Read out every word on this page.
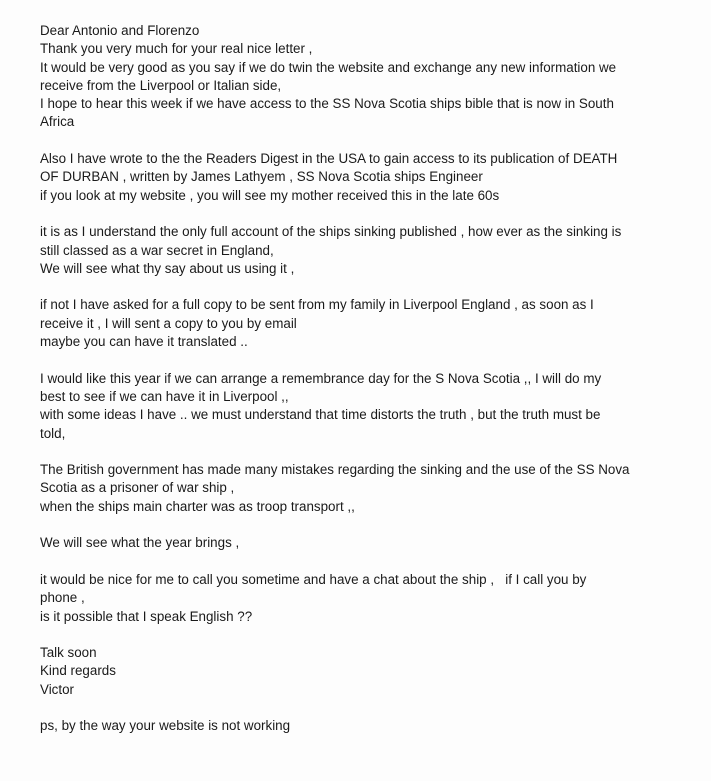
Dear Antonio and Florenzo
Thank you very much for your real nice letter ,
It would be very good as you say if we do twin the website and exchange any new information we
receive from the Liverpool or Italian side,
I hope to hear this week if we have access to the SS Nova Scotia ships bible that is now in South
Africa
Also I have wrote to the the Readers Digest in the USA to gain access to its publication of DEATH
OF DURBAN , written by James Lathyem , SS Nova Scotia ships Engineer
if you look at my website , you will see my mother received this in the late 60s
it is as I understand the only full account of the ships sinking published , how ever as the sinking is
still classed as a war secret in England,
We will see what thy say about us using it ,
if not I have asked for a full copy to be sent from my family in Liverpool England , as soon as I
receive it , I will sent a copy to you by email
maybe you can have it translated ..
I would like this year if we can arrange a remembrance day for the S Nova Scotia ,, I will do my
best to see if we can have it in Liverpool ,,
with some ideas I have .. we must understand that time distorts the truth , but the truth must be
told,
The British government has made many mistakes regarding the sinking and the use of the SS Nova
Scotia as a prisoner of war ship ,
when the ships main charter was as troop transport ,,
We will see what the year brings ,
it would be nice for me to call you sometime and have a chat about the ship ,   if I call you by
phone ,
is it possible that I speak English ??
Talk soon
Kind regards
Victor
ps, by the way your website is not working
